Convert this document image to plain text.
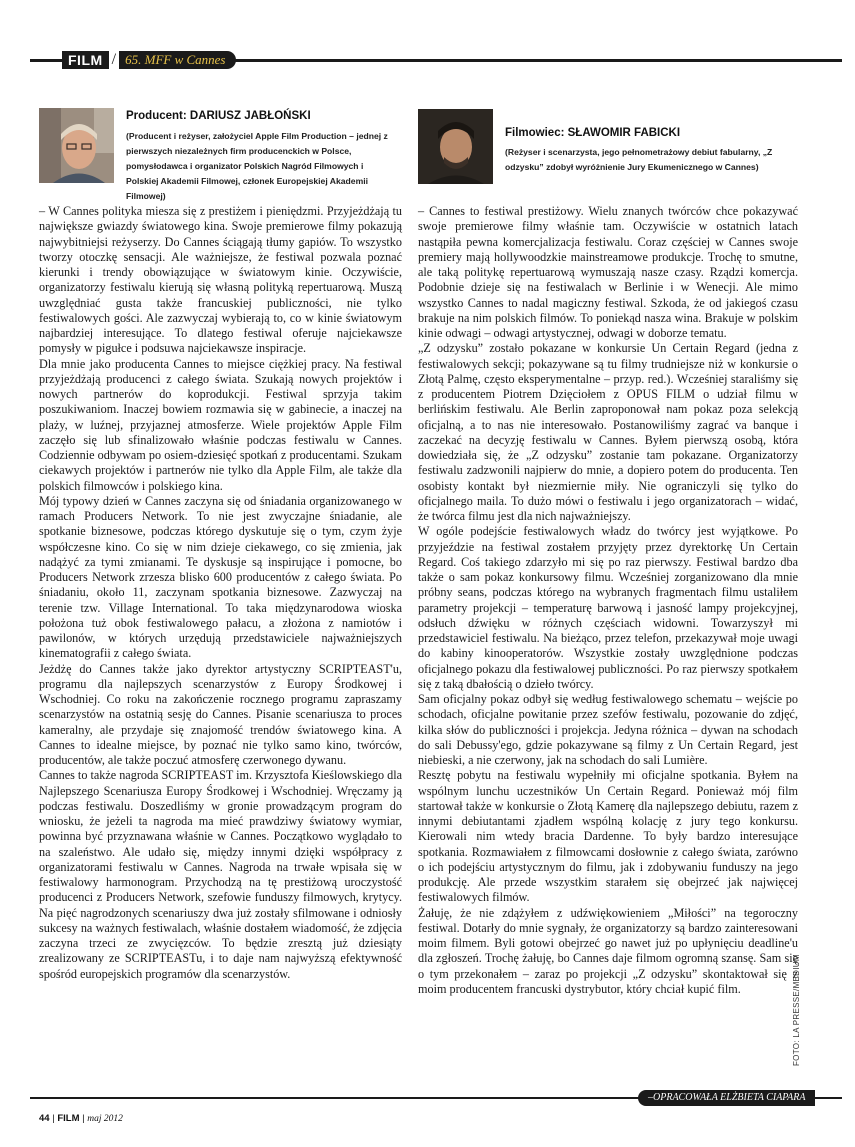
FILM / 65. MFF w Cannes
Producent: DARIUSZ JABŁOŃSKI
(Producent i reżyser, założyciel Apple Film Production – jednej z pierwszych niezależnych firm producenckich w Polsce, pomysłodawca i organizator Polskich Nagród Filmowych i Polskiej Akademii Filmowej, członek Europejskiej Akademii Filmowej)
Filmowiec: SŁAWOMIR FABICKI
(Reżyser i scenarzysta, jego pełnometrażowy debiut fabularny, „Z odzysku” zdobył wyróżnienie Jury Ekumenicznego w Cannes)

– W Cannes polityka miesza się z prestiżem i pieniędzmi. Przyjeżdżają tu największe gwiazdy światowego kina. Swoje premierowe filmy pokazują najwybitniejsi reżyserzy. Do Cannes ściągają tłumy gapiów. To wszystko tworzy otoczkę sensacji. Ale ważniejsze, że festiwal pozwala poznać kierunki i trendy obowiązujące w światowym kinie. Oczywiście, organizatorzy festiwalu kierują się własną polityką repertuarową. Muszą uwzględniać gusta także francuskiej publiczności, nie tylko festiwalowych gości. Ale zazwyczaj wybierają to, co w kinie światowym najbardziej interesujące. To dlatego festiwal oferuje najciekawsze pomysły w pigułce i podsuwa najciekawsze inspiracje.

Dla mnie jako producenta Cannes to miejsce ciężkiej pracy. Na festiwal przyjeżdżają producenci z całego świata. Szukają nowych projektów i nowych partnerów do koprodukcji. Festiwal sprzyja takim poszukiwaniom. Inaczej bowiem rozmawia się w gabinecie, a inaczej na plaży, w luźnej, przyjaznej atmosferze. Wiele projektów Apple Film zaczęło się lub sfinalizowało właśnie podczas festiwalu w Cannes. Codziennie odbywam po osiem-dziesięć spotkań z producentami. Szukam ciekawych projektów i partnerów nie tylko dla Apple Film, ale także dla polskich filmowców i polskiego kina.

Mój typowy dzień w Cannes zaczyna się od śniadania organizowanego w ramach Producers Network. To nie jest zwyczajne śniadanie, ale spotkanie biznesowe, podczas którego dyskutuje się o tym, czym żyje współczesne kino. Co się w nim dzieje ciekawego, co się zmienia, jak nadążyć za tymi zmianami. Te dyskusje są inspirujące i pomocne, bo Producers Network zrzesza blisko 600 producentów z całego świata. Po śniadaniu, około 11, zaczynam spotkania biznesowe. Zazwyczaj na terenie tzw. Village International. To taka międzynarodowa wioska położona tuż obok festiwalowego pałacu, a złożona z namiotów i pawilonów, w których urzędują przedstawiciele najważniejszych kinematografii z całego świata.

Jeżdżę do Cannes także jako dyrektor artystyczny SCRIPTEAST'u, programu dla najlepszych scenarzystów z Europy Środkowej i Wschodniej. Co roku na zakończenie rocznego programu zapraszamy scenarzystów na ostatnią sesję do Cannes. Pisanie scenariusza to proces kameralny, ale przydaje się znajomość trendów światowego kina. A Cannes to idealne miejsce, by poznać nie tylko samo kino, twórców, producentów, ale także poczuć atmosferę czerwonego dywanu.

Cannes to także nagroda SCRIPTEAST im. Krzysztofa Kieślowskiego dla Najlepszego Scenariusza Europy Środkowej i Wschodniej. Wręczamy ją podczas festiwalu. Doszedliśmy w gronie prowadzącym program do wniosku, że jeżeli ta nagroda ma mieć prawdziwy światowy wymiar, powinna być przyznawana właśnie w Cannes. Początkowo wyglądało to na szaleństwo. Ale udało się, między innymi dzięki współpracy z organizatorami festiwalu w Cannes. Nagroda na trwałe wpisała się w festiwalowy harmonogram. Przychodzą na tę prestiżową uroczystość producenci z Producers Network, szefowie funduszy filmowych, krytycy. Na pięć nagrodzonych scenariuszy dwa już zostały sfilmowane i odniosły sukcesy na ważnych festiwalach, właśnie dostałem wiadomość, że zdjęcia zaczyna trzeci ze zwycięzców. To będzie zresztą już dziesiąty zrealizowany ze SCRIPTEASTu, i to daje nam najwyższą efektywność spośród europejskich programów dla scenarzystów.

– Cannes to festiwal prestiżowy. Wielu znanych twórców chce pokazywać swoje premierowe filmy właśnie tam. Oczywiście w ostatnich latach nastąpiła pewna komercjalizacja festiwalu. Coraz częściej w Cannes swoje premiery mają hollywoodzkie mainstreamowe produkcje. Trochę to smutne, ale taką politykę repertuarową wymuszają nasze czasy. Rządzi komercja. Podobnie dzieje się na festiwalach w Berlinie i w Wenecji. Ale mimo wszystko Cannes to nadal magiczny festiwal. Szkoda, że od jakiegoś czasu brakuje na nim polskich filmów. To poniekąd nasza wina. Brakuje w polskim kinie odwagi – odwagi artystycznej, odwagi w doborze tematu.

„Z odzysku” zostało pokazane w konkursie Un Certain Regard (jedna z festiwalowych sekcji; pokazywane są tu filmy trudniejsze niż w konkursie o Złotą Palmę, często eksperymentalne – przyp. red.). Wcześniej staraliśmy się z producentem Piotrem Dzięciołem z OPUS FILM o udział filmu w berlińskim festiwalu. Ale Berlin zaproponował nam pokaz poza selekcją oficjalną, a to nas nie interesowało. Postanowiliśmy zagrać va banque i zaczekać na decyzję festiwalu w Cannes. Byłem pierwszą osobą, która dowiedziała się, że „Z odzysku” zostanie tam pokazane. Organizatorzy festiwalu zadzwonili najpierw do mnie, a dopiero potem do producenta. Ten osobisty kontakt był niezmiernie miły. Nie ograniczyli się tylko do oficjalnego maila. To dużo mówi o festiwalu i jego organizatorach – widać, że twórca filmu jest dla nich najważniejszy.

W ogóle podejście festiwalowych władz do twórcy jest wyjątkowe. Po przyjeździe na festiwal zostałem przyjęty przez dyrektorkę Un Certain Regard. Coś takiego zdarzyło mi się po raz pierwszy. Festiwal bardzo dba także o sam pokaz konkursowy filmu. Wcześniej zorganizowano dla mnie próbny seans, podczas którego na wybranych fragmentach filmu ustaliłem parametry projekcji – temperaturę barwową i jasność lampy projekcyjnej, odsłuch dźwięku w różnych częściach widowni. Towarzyszył mi przedstawiciel festiwalu. Na bieżąco, przez telefon, przekazywał moje uwagi do kabiny kinooperatorów. Wszystkie zostały uwzględnione podczas oficjalnego pokazu dla festiwalowej publiczności. Po raz pierwszy spotkałem się z taką dbałością o dzieło twórcy.

Sam oficjalny pokaz odbył się według festiwalowego schematu – wejście po schodach, oficjalne powitanie przez szefów festiwalu, pozowanie do zdjęć, kilka słów do publiczności i projekcja. Jedyna różnica – dywan na schodach do sali Debussy'ego, gdzie pokazywane są filmy z Un Certain Regard, jest niebieski, a nie czerwony, jak na schodach do sali Lumière.

Resztę pobytu na festiwalu wypełniły mi oficjalne spotkania. Byłem na wspólnym lunchu uczestników Un Certain Regard. Ponieważ mój film startował także w konkursie o Złotą Kamerę dla najlepszego debiutu, razem z innymi debiutantami zjadłem wspólną kolację z jury tego konkursu. Kierowali nim wtedy bracia Dardenne. To były bardzo interesujące spotkania. Rozmawiałem z filmowcami dosłownie z całego świata, zarówno o ich podejściu artystycznym do filmu, jak i zdobywaniu funduszy na jego produkcję. Ale przede wszystkim starałem się obejrzeć jak najwięcej festiwalowych filmów.

Żałuję, że nie zdążyłem z udźwiękowieniem „Miłości” na tegoroczny festiwal. Dotarły do mnie sygnały, że organizatorzy są bardzo zainteresowani moim filmem. Byli gotowi obejrzeć go nawet już po upłynięciu deadline'u dla zgłoszeń. Trochę żałuję, bo Cannes daje filmom ogromną szansę. Sam się o tym przekonałem – zaraz po projekcji „Z odzysku” skontaktował się z moim producentem francuski dystrybutor, który chciał kupić film.	FOTO: LA PRESSE/MEDIUM
–OPRACOWAŁA ELŻBIETA CIAPARA
44 | FILM | maj 2012
